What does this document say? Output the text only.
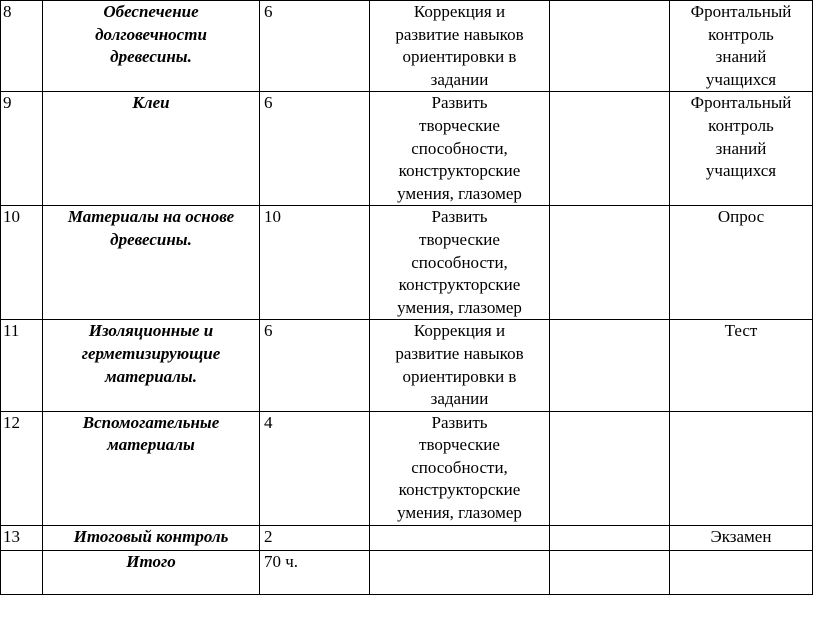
8	Обеспечение
долговечности
древесины.	6	Коррекция и
развитие навыков
ориентировки в
задании		Фронтальный
контроль
знаний
учащихся

9	Клеи	6	Развить
творческие
способности,
конструкторские
умения, глазомер		Фронтальный
контроль
знаний
учащихся

10	Материалы на основе
древесины.	10	Развить
творческие
способности,
конструкторские
умения, глазомер		Опрос

11	Изоляционные и
герметизирующие
материалы.	6	Коррекция и
развитие навыков
ориентировки в
задании		Тест

12	Вспомогательные
материалы	4	Развить
творческие
способности,
конструкторские
умения, глазомер		

13	Итоговый контроль	2			Экзамен

	Итого	70 ч.			
